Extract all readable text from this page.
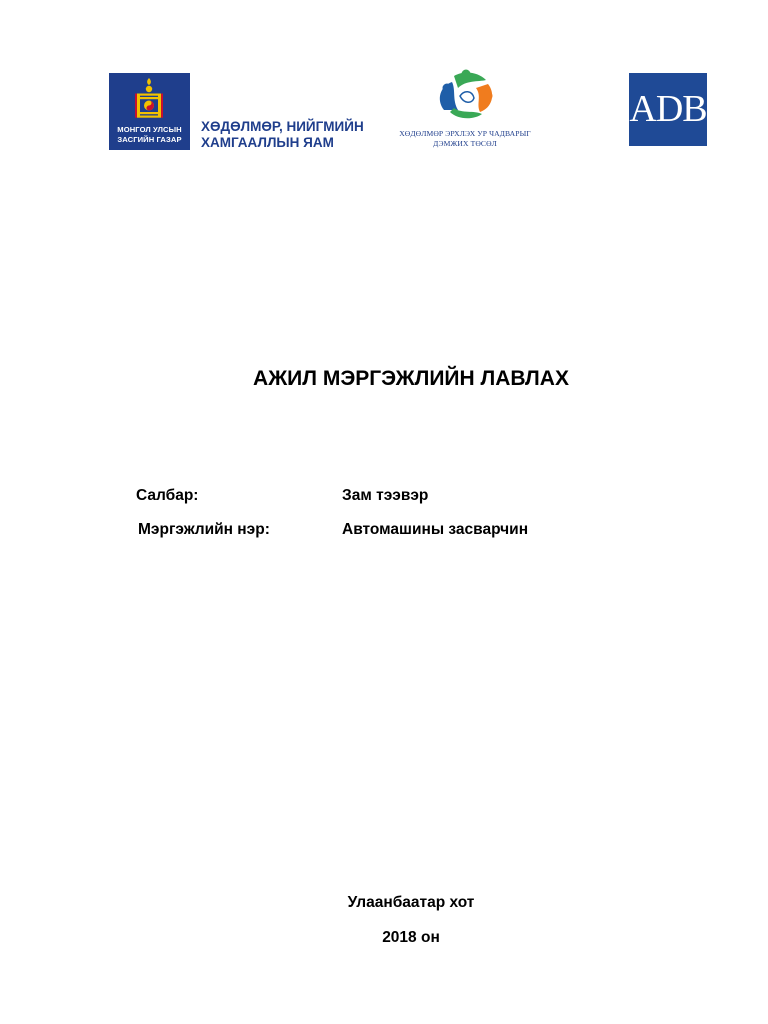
МОНГОЛ УЛСЫН
ЗАСГИЙН ГАЗАР
ХӨДӨЛМӨР, НИЙГМИЙН
ХАМГААЛЛЫН ЯАМ
ХӨДӨЛМӨР ЭРХЛЭХ УР ЧАДВАРЫГ
ДЭМЖИХ ТӨСӨЛ
ADB
АЖИЛ МЭРГЭЖЛИЙН ЛАВЛАХ
Салбар:	Зам тээвэр
Мэргэжлийн нэр:	Автомашины засварчин
Улаанбаатар хот
2018 он
